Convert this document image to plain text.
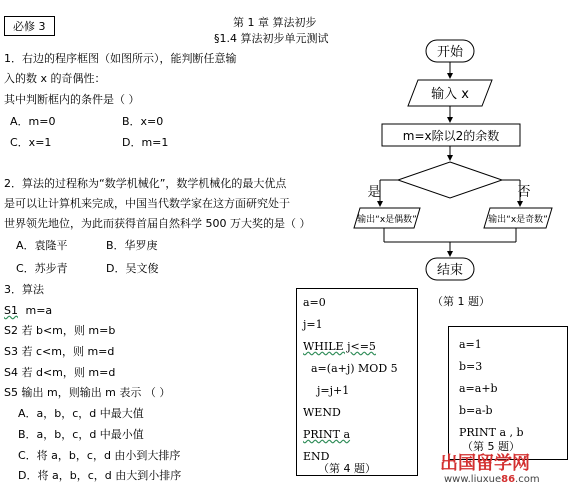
必修 3	第 1 章 算法初步
§1.4 算法初步单元测试
1．右边的程序框图（如图所示），能判断任意输
入的数 x 的奇偶性：
其中判断框内的条件是（ ）
A．m=0	B．x=0
C．x=1	D．m=1
2．算法的过程称为“数学机械化”，数学机械化的最大优点
是可以让计算机来完成，中国当代数学家在这方面研究处于
世界领先地位，为此而获得首届自然科学 500 万大奖的是（ ）
A．袁隆平	B．华罗庚
C．苏步青	D．吴文俊
3．算法
S1 m=a
S2 若 b<m，则 m=b
S3 若 c<m，则 m=d
S4 若 d<m，则 m=d
S5 输出 m，则输出 m 表示 （ ）
A．a，b，c，d 中最大值
B．a，b，c，d 中最小值
C．将 a，b，c，d 由小到大排序
D．将 a，b，c，d 由大到小排序
开始
输入 x
m=x除以2的余数
是	否
输出“x是偶数”	输出“x是奇数”
结束
（第 1 题）
a=0
j=1
WHILE j<=5
a=(a+j) MOD 5
j=j+1
WEND
PRINT a
END
（第 4 题）
a=1
b=3
a=a+b
b=a-b
PRINT a , b
（第 5 题）
出国留学网
www.liuxue86.com
